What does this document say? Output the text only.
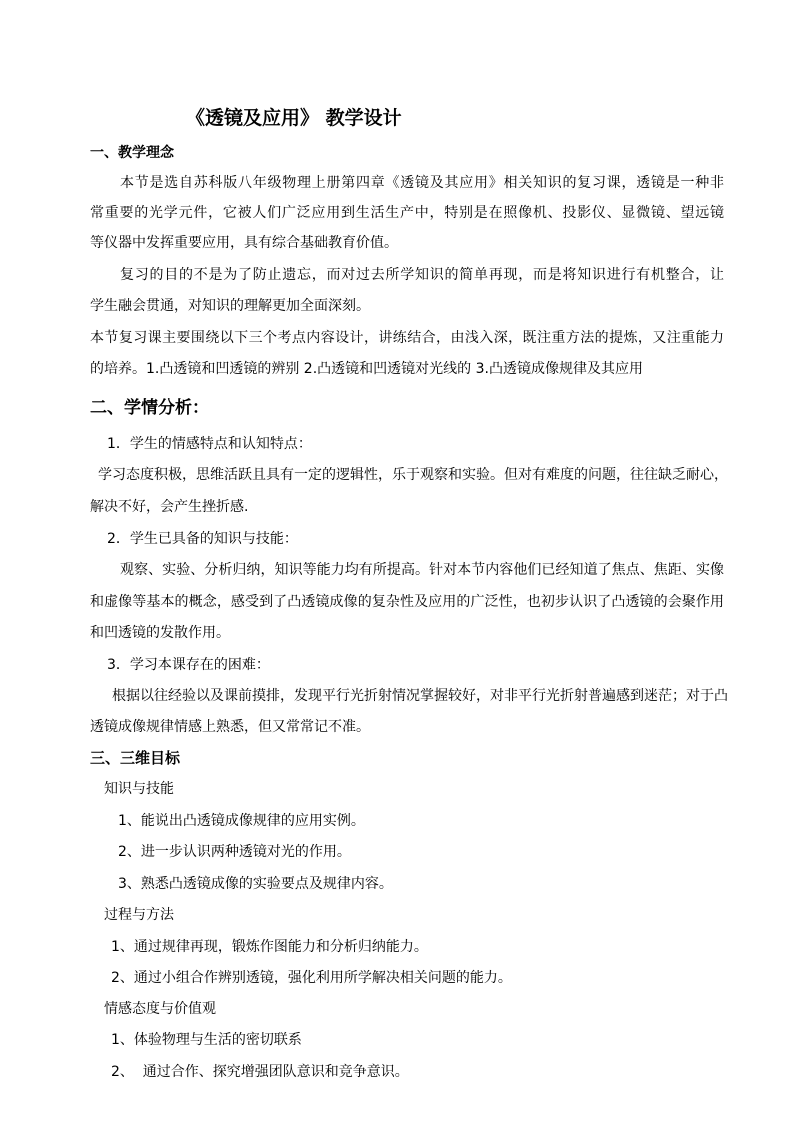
《透镜及应用》 教学设计
一、教学理念
本节是选自苏科版八年级物理上册第四章《透镜及其应用》相关知识的复习课，透镜是一种非
常重要的光学元件，它被人们广泛应用到生活生产中，特别是在照像机、投影仪、显微镜、望远镜
等仪器中发挥重要应用，具有综合基础教育价值。
复习的目的不是为了防止遗忘，而对过去所学知识的简单再现，而是将知识进行有机整合，让
学生融会贯通，对知识的理解更加全面深刻。
本节复习课主要围绕以下三个考点内容设计，讲练结合，由浅入深，既注重方法的提炼，又注重能力
的培养。1.凸透镜和凹透镜的辨别 2.凸透镜和凹透镜对光线的 3.凸透镜成像规律及其应用
二、学情分析：
1．学生的情感特点和认知特点：
学习态度积极，思维活跃且具有一定的逻辑性，乐于观察和实验。但对有难度的问题，往往缺乏耐心，
解决不好，会产生挫折感.
2．学生已具备的知识与技能：
观察、实验、分析归纳，知识等能力均有所提高。针对本节内容他们已经知道了焦点、焦距、实像
和虚像等基本的概念，感受到了凸透镜成像的复杂性及应用的广泛性，也初步认识了凸透镜的会聚作用
和凹透镜的发散作用。
3．学习本课存在的困难：
根据以往经验以及课前摸排，发现平行光折射情况掌握较好，对非平行光折射普遍感到迷茫；对于凸
透镜成像规律情感上熟悉，但又常常记不准。
三、三维目标
知识与技能
1、能说出凸透镜成像规律的应用实例。
2、进一步认识两种透镜对光的作用。
3、熟悉凸透镜成像的实验要点及规律内容。
过程与方法
1、通过规律再现，锻炼作图能力和分析归纳能力。
2、通过小组合作辨别透镜，强化利用所学解决相关问题的能力。
情感态度与价值观
1、体验物理与生活的密切联系
2、  通过合作、探究增强团队意识和竞争意识。
